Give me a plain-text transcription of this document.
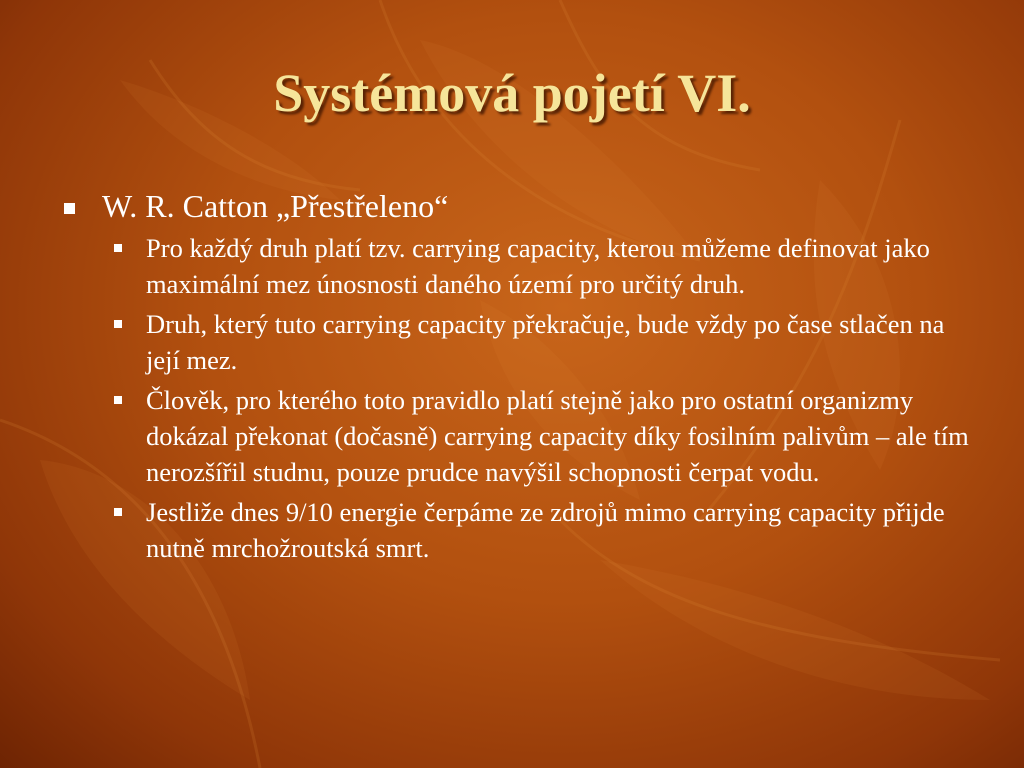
Systémová pojetí VI.
W. R. Catton „Přestřeleno“
Pro každý druh platí tzv. carrying capacity, kterou můžeme definovat jako maximální mez únosnosti daného území pro určitý druh.
Druh, který tuto carrying capacity překračuje, bude vždy po čase stlačen na její mez.
Člověk, pro kterého toto pravidlo platí stejně jako pro ostatní organizmy dokázal překonat (dočasně) carrying capacity díky fosilním palivům – ale tím nerozšířil studnu, pouze prudce navýšil schopnosti čerpat vodu.
Jestliže dnes 9/10 energie čerpáme ze zdrojů mimo carrying capacity přijde nutně mrchožroutská smrt.
